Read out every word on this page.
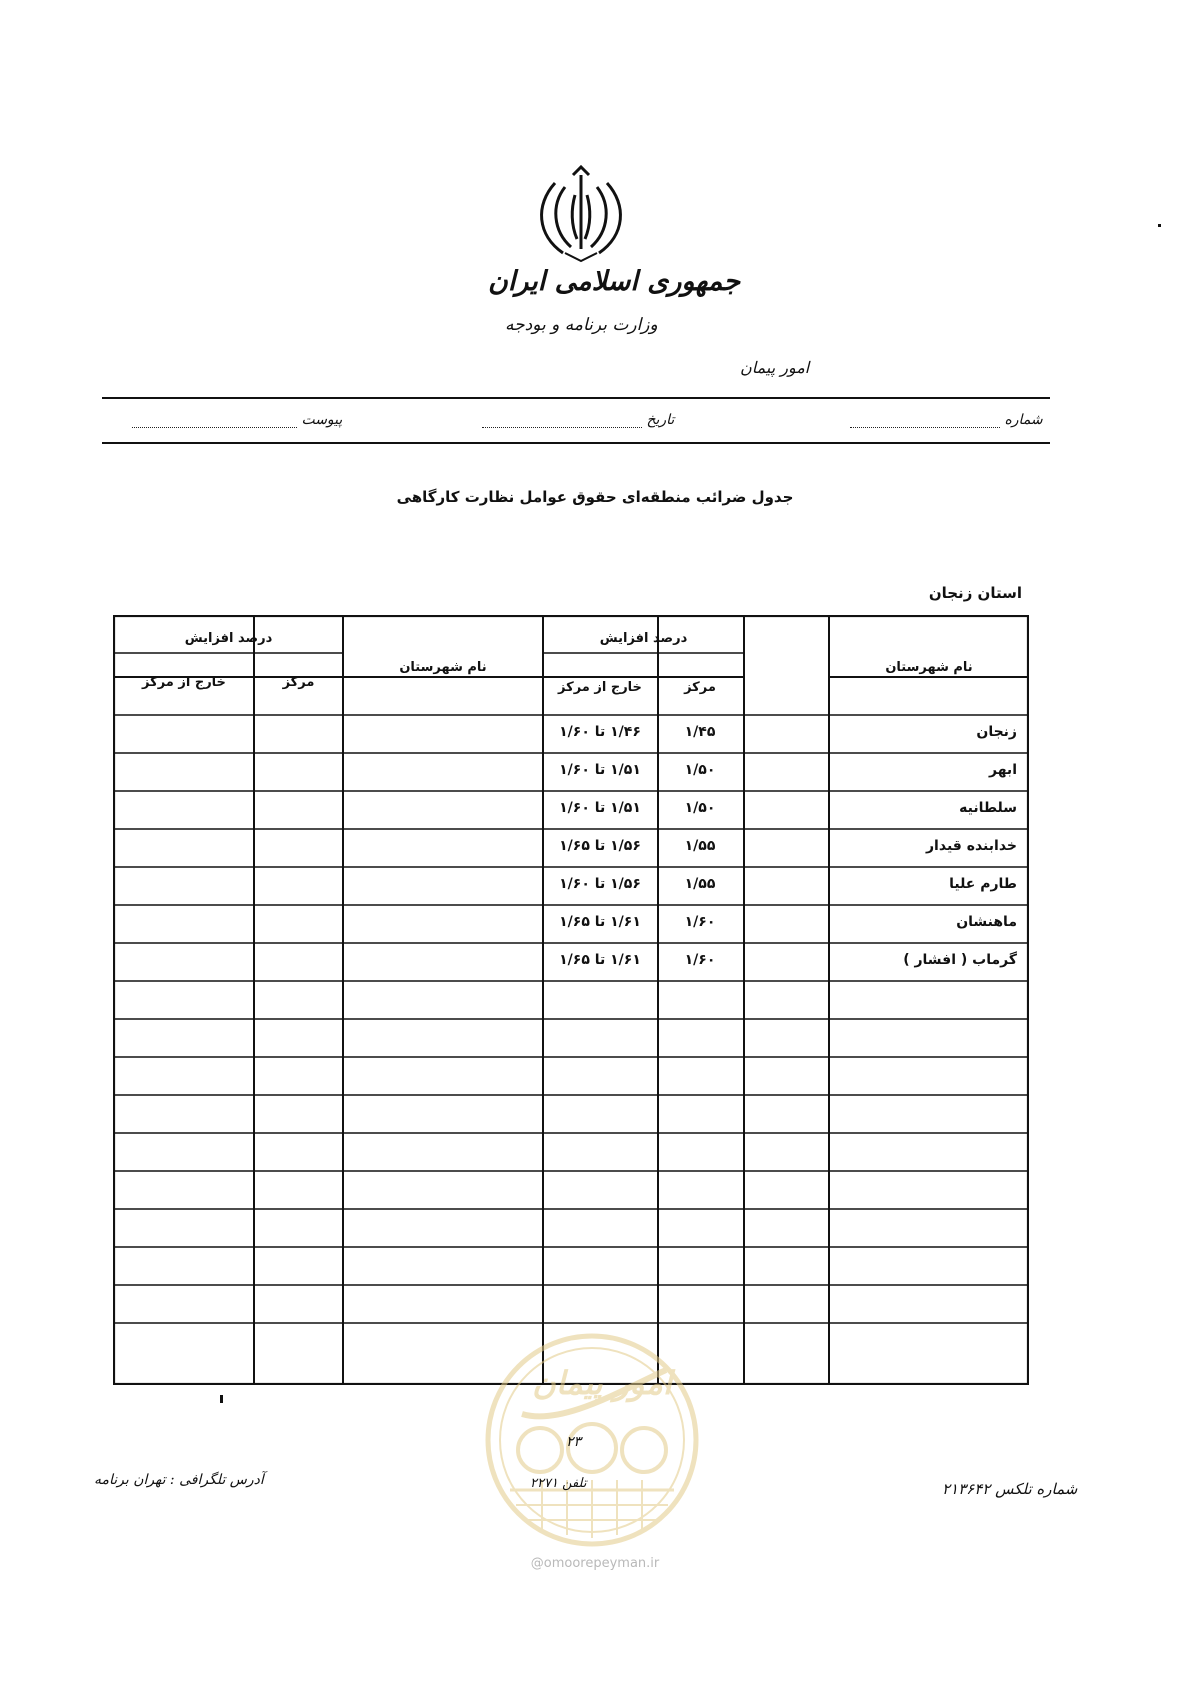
جمهوری اسلامی ایران
وزارت برنامه و بودجه
امور پیمان
شماره
تاریخ
پیوست
جدول ضرائب منطقه‌ای حقوق عوامل نظارت کارگاهی
استان زنجان
نام شهرستان
درصد افزایش
مرکز
خارج از مرکز
نام شهرستان
درصد افزایش
مرکز
خارج از مرکز
زنجان
۱/۴۵
۱/۴۶ تا ۱/۶۰
ابهر
۱/۵۰
۱/۵۱ تا ۱/۶۰
سلطانیه
۱/۵۰
۱/۵۱ تا ۱/۶۰
خدابنده قیدار
۱/۵۵
۱/۵۶ تا ۱/۶۵
طارم علیا
۱/۵۵
۱/۵۶ تا ۱/۶۰
ماهنشان
۱/۶۰
۱/۶۱ تا ۱/۶۵
گرماب ( افشار )
۱/۶۰
۱/۶۱ تا ۱/۶۵
امور پیمان
۲۳
شماره تلکس ۲۱۳۶۴۲
تلفن ۲۲۷۱
آدرس تلگرافی : تهران برنامه
@omoorepeyman.ir
